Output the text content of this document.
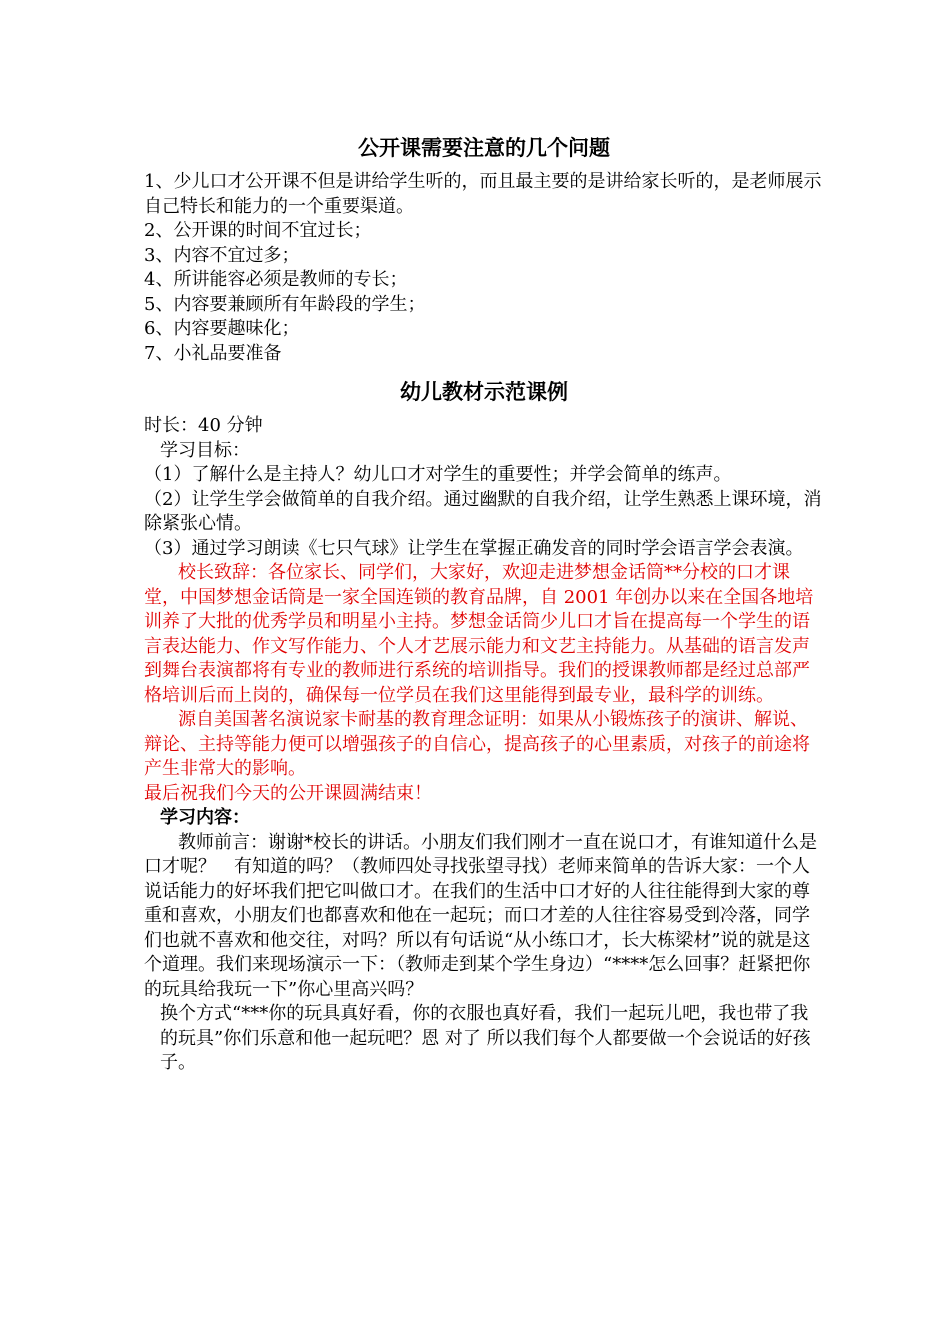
公开课需要注意的几个问题

1、少儿口才公开课不但是讲给学生听的，而且最主要的是讲给家长听的，是老师展示自己特长和能力的一个重要渠道。

2、公开课的时间不宜过长；

3、内容不宜过多；

4、所讲能容必须是教师的专长；

5、内容要兼顾所有年龄段的学生；

6、内容要趣味化；

7、小礼品要准备

幼儿教材示范课例

时长：40 分钟

学习目标：

（1）了解什么是主持人？幼儿口才对学生的重要性；并学会简单的练声。

（2）让学生学会做简单的自我介绍。通过幽默的自我介绍，让学生熟悉上课环境，消除紧张心情。

（3）通过学习朗读《七只气球》让学生在掌握正确发音的同时学会语言学会表演。

校长致辞：各位家长、同学们，大家好，欢迎走进梦想金话筒**分校的口才课堂，中国梦想金话筒是一家全国连锁的教育品牌，自 2001 年创办以来在全国各地培训养了大批的优秀学员和明星小主持。梦想金话筒少儿口才旨在提高每一个学生的语言表达能力、作文写作能力、个人才艺展示能力和文艺主持能力。从基础的语言发声到舞台表演都将有专业的教师进行系统的培训指导。我们的授课教师都是经过总部严格培训后而上岗的，确保每一位学员在我们这里能得到最专业，最科学的训练。

源自美国著名演说家卡耐基的教育理念证明：如果从小锻炼孩子的演讲、解说、辩论、主持等能力便可以增强孩子的自信心，提高孩子的心里素质，对孩子的前途将产生非常大的影响。

最后祝我们今天的公开课圆满结束！

学习内容：

教师前言：谢谢*校长的讲话。小朋友们我们刚才一直在说口才，有谁知道什么是口才呢？　有知道的吗？（教师四处寻找张望寻找）老师来简单的告诉大家：一个人说话能力的好坏我们把它叫做口才。在我们的生活中口才好的人往往能得到大家的尊重和喜欢，小朋友们也都喜欢和他在一起玩；而口才差的人往往容易受到冷落，同学们也就不喜欢和他交往，对吗？所以有句话说“从小练口才，长大栋梁材”说的就是这个道理。我们来现场演示一下：（教师走到某个学生身边）“****怎么回事？赶紧把你的玩具给我玩一下”你心里高兴吗？

换个方式“***你的玩具真好看，你的衣服也真好看，我们一起玩儿吧，我也带了我的玩具”你们乐意和他一起玩吧？恩 对了 所以我们每个人都要做一个会说话的好孩子。
